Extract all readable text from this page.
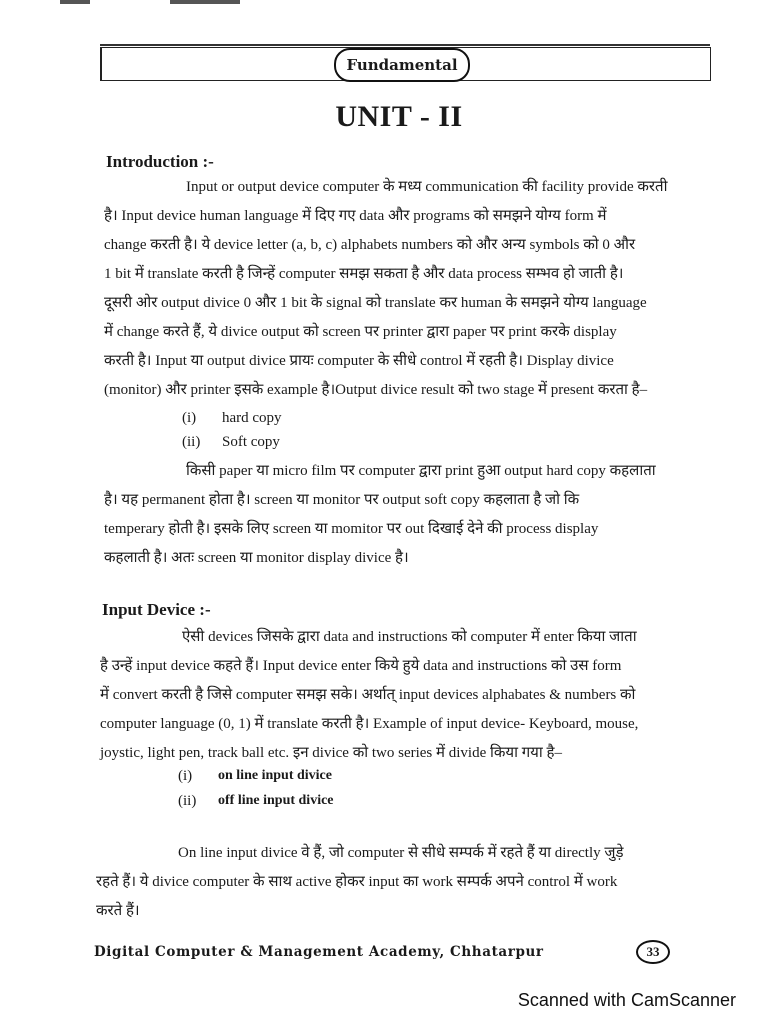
Fundamental
UNIT - II
Introduction :-
Input or output device computer के मध्य communication की facility provide करती
है। Input device human language में दिए गए data और programs को समझने योग्य form में
change करती है। ये device letter (a, b, c) alphabets numbers को और अन्य symbols को 0 और
1 bit में translate करती है जिन्हें computer समझ सकता है और data process सम्भव हो जाती है।
दूसरी ओर output divice 0 और 1 bit के signal को translate कर human के समझने योग्य language
में change करते हैं, ये divice output को screen पर printer द्वारा paper पर print करके display
करती है। Input या output divice प्रायः computer के सीधे control में रहती है। Display divice
(monitor) और printer इसके example है।Output divice result को two stage में present करता है–
(i)	hard copy
(ii)	Soft copy
किसी paper या micro film पर computer द्वारा print हुआ output hard copy कहलाता
है। यह permanent होता है। screen या monitor पर output soft copy कहलाता है जो कि
temperary होती है। इसके लिए screen या momitor पर out दिखाई देने की process display
कहलाती है। अतः screen या monitor display divice है।
Input Device :-
ऐसी devices जिसके द्वारा data and instructions को computer में enter किया जाता
है उन्हें input device कहते हैं। Input device enter किये हुये data and instructions को उस form
में convert करती है जिसे computer समझ सके। अर्थात् input devices alphabates & numbers को
computer language (0, 1) में translate करती है। Example of input device- Keyboard, mouse,
joystic, light pen, track ball etc. इन divice को two series में divide किया गया है–
(i)	on line input divice
(ii)	off line input divice
On line input divice वे हैं, जो computer से सीधे सम्पर्क में रहते हैं या directly जुड़े
रहते हैं। ये divice computer के साथ active होकर input का work सम्पर्क अपने control में work
करते हैं।
Digital Computer & Management Academy, Chhatarpur	33
Scanned with CamScanner
